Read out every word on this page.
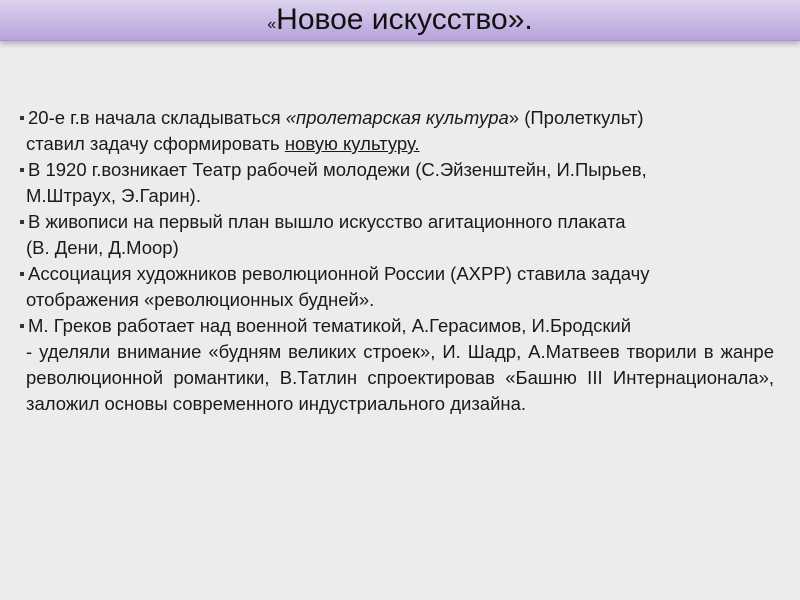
«Новое искусство».
20-е г.в начала складываться «пролетарская культура» (Пролеткульт)
ставил задачу сформировать новую культуру.
В 1920 г.возникает Театр рабочей молодежи (С.Эйзенштейн, И.Пырьев,
М.Штраух, Э.Гарин).
В живописи на первый план вышло искусство агитационного плаката
(В. Дени, Д.Моор)
Ассоциация художников революционной России (АХРР) ставила задачу
отображения «революционных будней».
М. Греков работает над военной тематикой, А.Герасимов, И.Бродский
- уделяли внимание «будням великих строек», И. Шадр, А.Матвеев творили в жанре революционной романтики, В.Татлин спроектировав «Башню III Интернационала», заложил основы современного индустриального дизайна.
